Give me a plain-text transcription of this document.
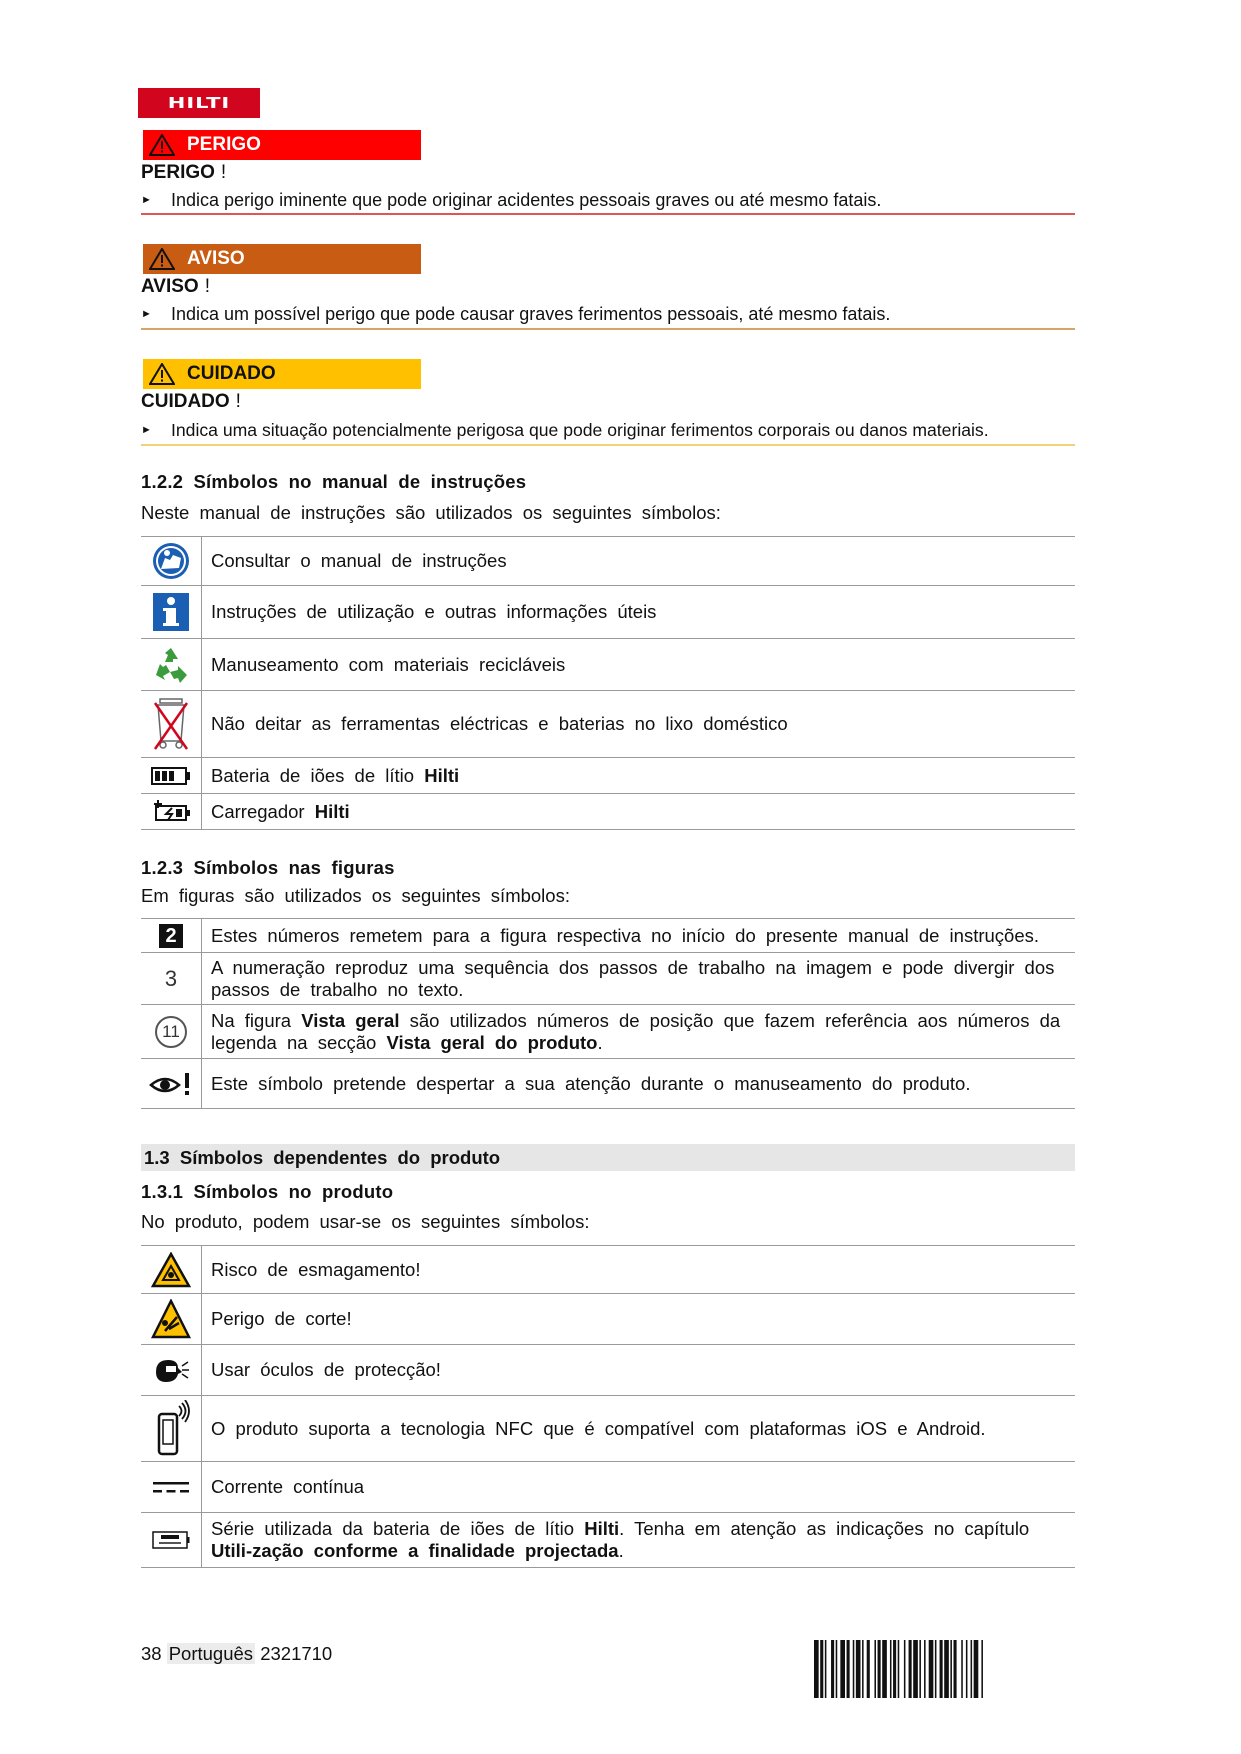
HILTI
PERIGO
PERIGO !
►	Indica perigo iminente que pode originar acidentes pessoais graves ou até mesmo fatais.
AVISO
AVISO !
►	Indica um possível perigo que pode causar graves ferimentos pessoais, até mesmo fatais.
CUIDADO
CUIDADO !
►	Indica uma situação potencialmente perigosa que pode originar ferimentos corporais ou danos materiais.
1.2.2 Símbolos no manual de instruções
Neste manual de instruções são utilizados os seguintes símbolos:
	Consultar o manual de instruções

	Instruções de utilização e outras informações úteis

	Manuseamento com materiais recicláveis

	Não deitar as ferramentas eléctricas e baterias no lixo doméstico

	Bateria de iões de lítio Hilti

	Carregador Hilti
1.2.3 Símbolos nas figuras
Em figuras são utilizados os seguintes símbolos:
2	Estes números remetem para a figura respectiva no início do presente manual de instruções.
3	A numeração reproduz uma sequência dos passos de trabalho na imagem e pode divergir dos passos de trabalho no texto.
11	Na figura Vista geral são utilizados números de posição que fazem referência aos números da legenda na secção Vista geral do produto.

	Este símbolo pretende despertar a sua atenção durante o manuseamento do produto.
1.3 Símbolos dependentes do produto
1.3.1 Símbolos no produto
No produto, podem usar-se os seguintes símbolos:
	Risco de esmagamento!

	Perigo de corte!

	Usar óculos de protecção!

	O produto suporta a tecnologia NFC que é compatível com plataformas iOS e Android.

	Corrente contínua

	Série utilizada da bateria de iões de lítio Hilti. Tenha em atenção as indicações no capítulo Utili-zação conforme a finalidade projectada.
38 Português 2321710
